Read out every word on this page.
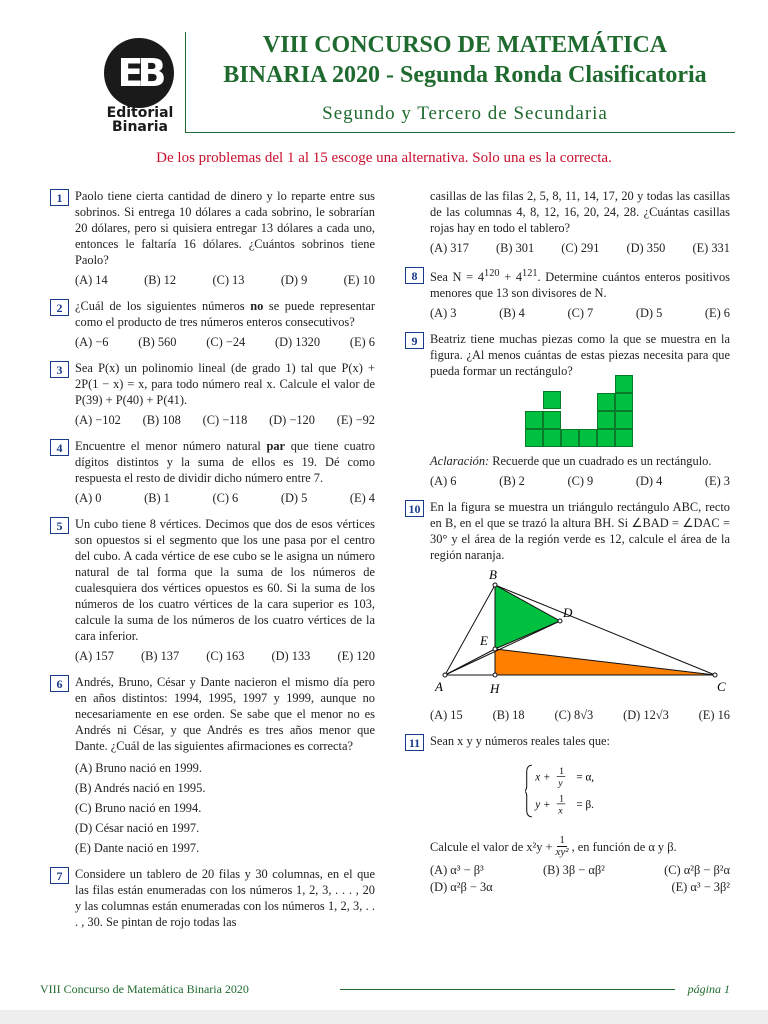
EB
Editorial
Binaria
VIII CONCURSO DE MATEMÁTICA
BINARIA 2020 - Segunda Ronda Clasificatoria
Segundo y Tercero de Secundaria
De los problemas del 1 al 15 escoge una alternativa. Solo una es la correcta.
1	Paolo tiene cierta cantidad de dinero y lo reparte entre sus sobrinos. Si entrega 10 dólares a cada sobrino, le sobrarían 20 dólares, pero si quisiera entregar 13 dólares a cada uno, entonces le faltaría 16 dólares. ¿Cuántos sobrinos tiene Paolo?
(A) 14	(B) 12	(C) 13	(D) 9	(E) 10
2	¿Cuál de los siguientes números no se puede representar como el producto de tres números enteros consecutivos?
(A) −6 (B) 560 (C) −24 (D) 1320 (E) 6
3	Sea P(x) un polinomio lineal (de grado 1) tal que P(x) + 2P(1 − x) = x, para todo número real x. Calcule el valor de P(39) + P(40) + P(41).
(A) −102 (B) 108 (C) −118 (D) −120 (E) −92
4	Encuentre el menor número natural par que tiene cuatro dígitos distintos y la suma de ellos es 19. Dé como respuesta el resto de dividir dicho número entre 7.
(A) 0	(B) 1	(C) 6	(D) 5	(E) 4
5	Un cubo tiene 8 vértices. Decimos que dos de esos vértices son opuestos si el segmento que los une pasa por el centro del cubo. A cada vértice de ese cubo se le asigna un número natural de tal forma que la suma de los números de cualesquiera dos vértices opuestos es 60. Si la suma de los números de los cuatro vértices de la cara superior es 103, calcule la suma de los números de los cuatro vértices de la cara inferior.
(A) 157 (B) 137 (C) 163 (D) 133 (E) 120
6	Andrés, Bruno, César y Dante nacieron el mismo día pero en años distintos: 1994, 1995, 1997 y 1999, aunque no necesariamente en ese orden. Se sabe que el menor no es Andrés ni César, y que Andrés es tres años menor que Dante. ¿Cuál de las siguientes afirmaciones es correcta?
(A) Bruno nació en 1999.
(B) Andrés nació en 1995.
(C) Bruno nació en 1994.
(D) César nació en 1997.
(E) Dante nació en 1997.
7	Considere un tablero de 20 filas y 30 columnas, en el que las filas están enumeradas con los números 1, 2, 3, . . . , 20 y las columnas están enumeradas con los números 1, 2, 3, . . . , 30. Se pintan de rojo todas las
casillas de las filas 2, 5, 8, 11, 14, 17, 20 y todas las casillas de las columnas 4, 8, 12, 16, 20, 24, 28. ¿Cuántas casillas rojas hay en todo el tablero?
(A) 317 (B) 301 (C) 291 (D) 350 (E) 331
8	Sea $N = 4^{120} + 4^{121}$. Determine cuántos enteros positivos menores que 13 son divisores de N.
(A) 3	(B) 4	(C) 7	(D) 5	(E) 6
9	Beatriz tiene muchas piezas como la que se muestra en la figura. ¿Al menos cuántas de estas piezas necesita para que pueda formar un rectángulo?
Aclaración: Recuerde que un cuadrado es un rectángulo.
(A) 6	(B) 2	(C) 9	(D) 4	(E) 3
10 En la figura se muestra un triángulo rectángulo ABC, recto en B, en el que se trazó la altura BH. Si ∠BAD = ∠DAC = 30° y el área de la región verde es 12, calcule el área de la región naranja.
A
B
C
D
E
H
(A) 15 (B) 18 (C) 8√3 (D) 12√3 (E) 16
11 Sean x y y números reales tales que:
x + 1
y
= α,
y + 1
x
= β.
Calcule el valor de $x^2y + \frac{1}{\text{xy²}}$ , en función de α y β.
(A) α³ − β³	(B) 3β − αβ²	(C) α²β − β²α
(D) α²β − 3α	(E) α³ − 3β²
VIII Concurso de Matemática Binaria 2020	página 1
